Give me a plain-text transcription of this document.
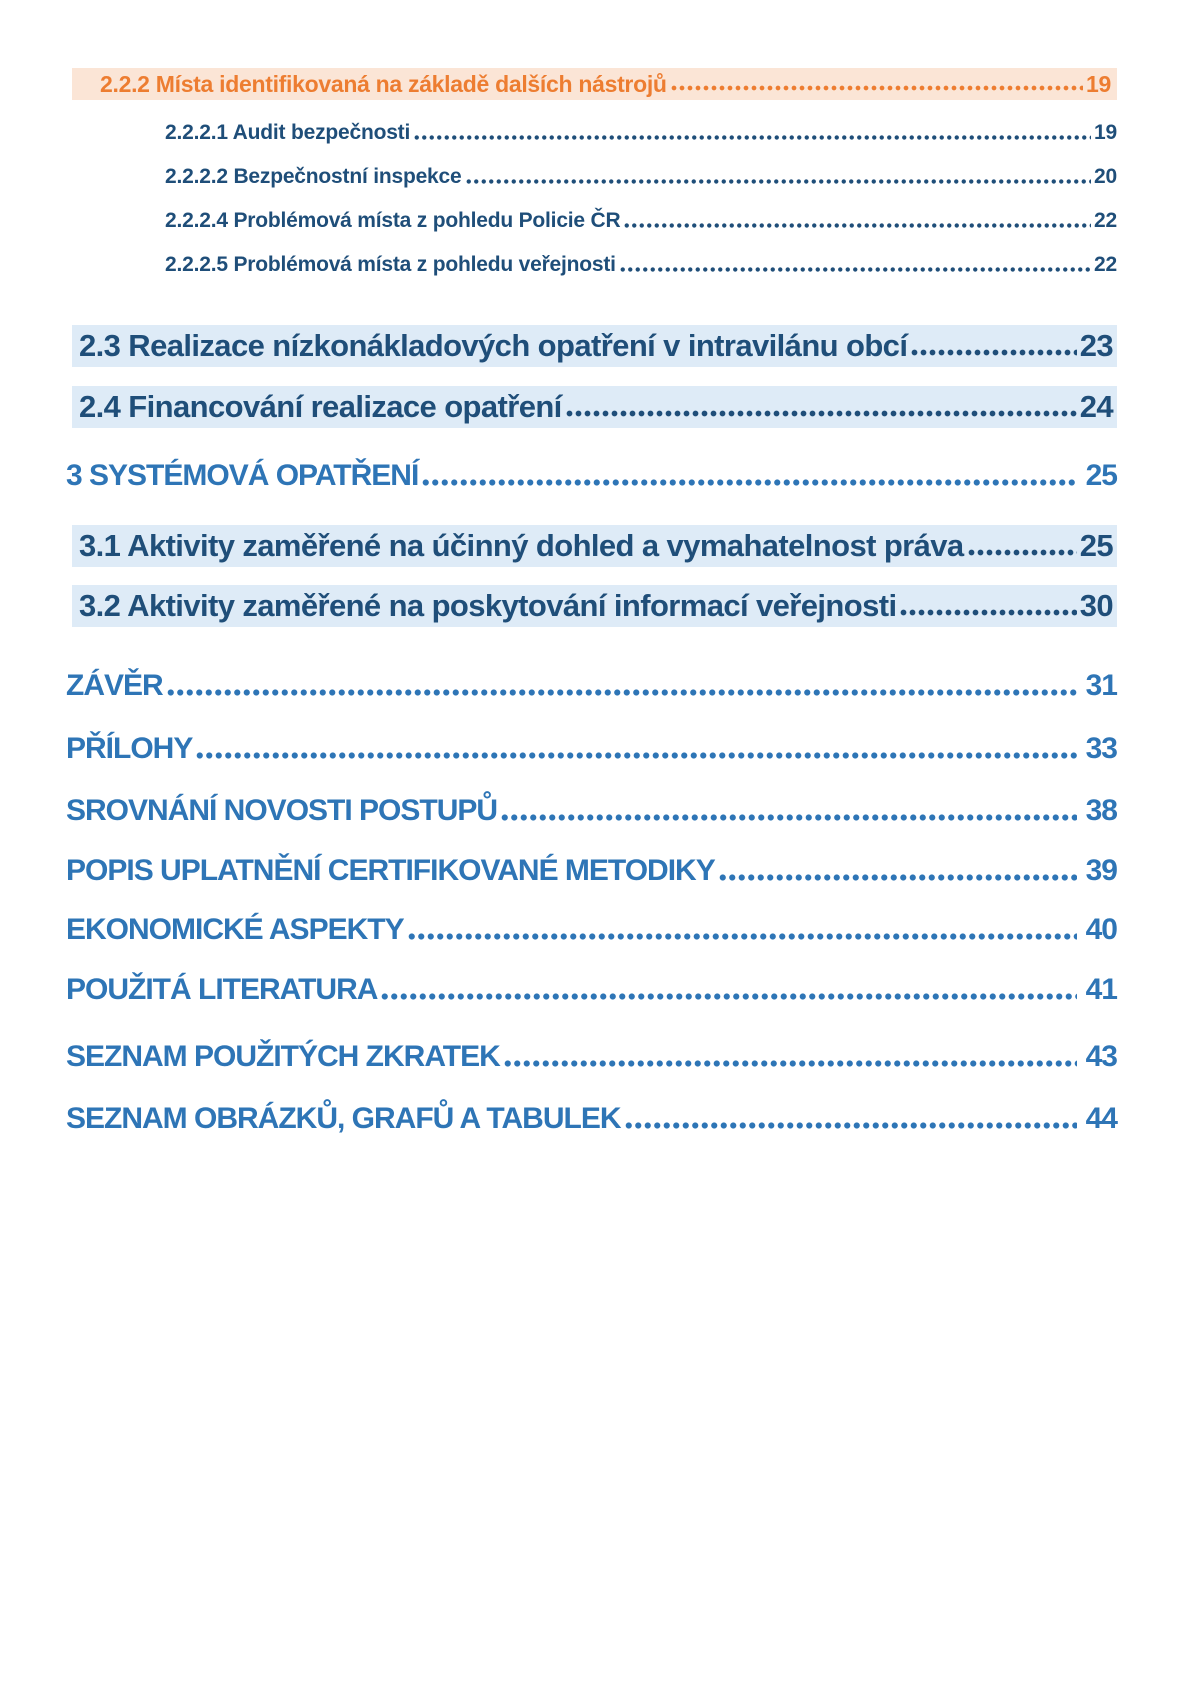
2.2.2 Místa identifikovaná na základě dalších nástrojů	19
2.2.2.1 Audit bezpečnosti	19
2.2.2.2 Bezpečnostní inspekce	20
2.2.2.4 Problémová místa z pohledu Policie ČR	22
2.2.2.5 Problémová místa z pohledu veřejnosti	22
2.3 Realizace nízkonákladových opatření v intravilánu obcí	23
2.4 Financování realizace opatření	24
3 SYSTÉMOVÁ OPATŘENÍ	25
3.1 Aktivity zaměřené na účinný dohled a vymahatelnost práva	25
3.2 Aktivity zaměřené na poskytování informací veřejnosti	30
ZÁVĚR	31
PŘÍLOHY	33
SROVNÁNÍ NOVOSTI POSTUPŮ	38
POPIS UPLATNĚNÍ CERTIFIKOVANÉ METODIKY	39
EKONOMICKÉ ASPEKTY	40
POUŽITÁ LITERATURA	41
SEZNAM POUŽITÝCH ZKRATEK	43
SEZNAM OBRÁZKŮ, GRAFŮ A TABULEK	44
